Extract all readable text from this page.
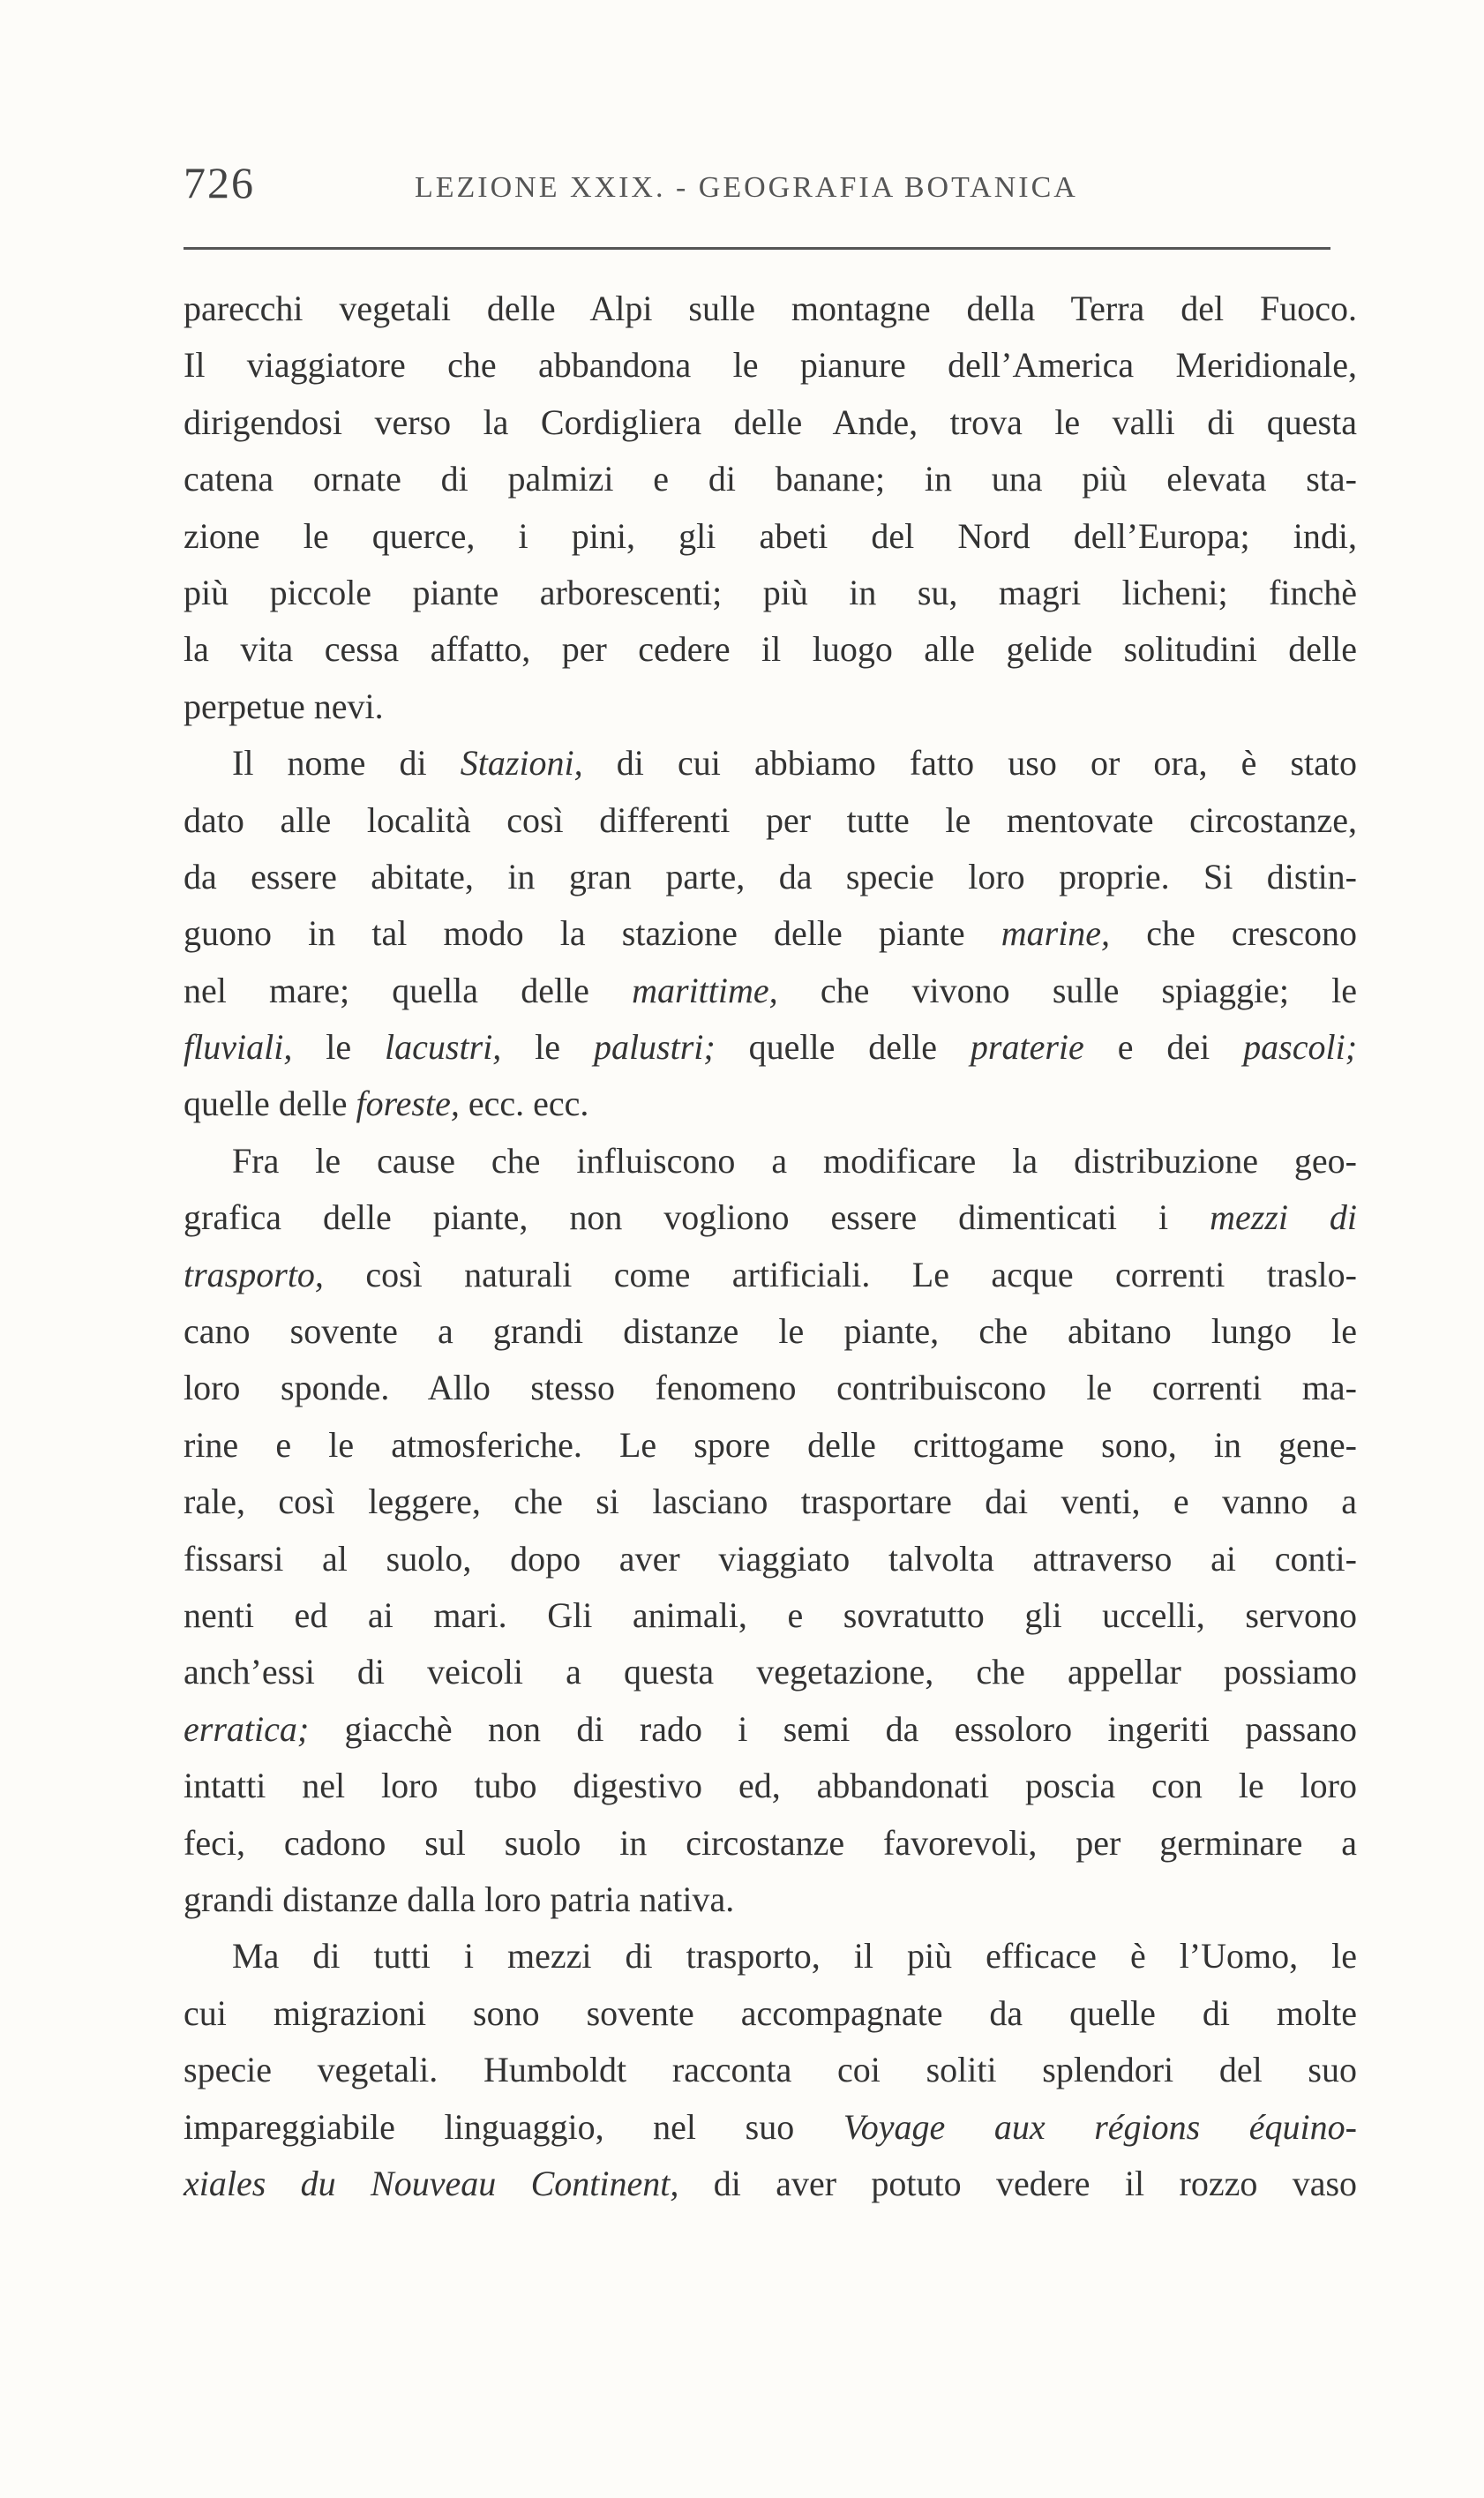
726	LEZIONE XXIX. - GEOGRAFIA BOTANICA
parecchi vegetali delle Alpi sulle montagne della Terra del Fuoco.
Il viaggiatore che abbandona le pianure dell’America Meridionale,
dirigendosi verso la Cordigliera delle Ande, trova le valli di questa
catena ornate di palmizi e di banane; in una più elevata sta-
zione le querce, i pini, gli abeti del Nord dell’Europa; indi,
più piccole piante arborescenti; più in su, magri licheni; finchè
la vita cessa affatto, per cedere il luogo alle gelide solitudini delle
perpetue nevi.
Il nome di Stazioni, di cui abbiamo fatto uso or ora, è stato
dato alle località così differenti per tutte le mentovate circostanze,
da essere abitate, in gran parte, da specie loro proprie. Si distin-
guono in tal modo la stazione delle piante marine, che crescono
nel mare; quella delle marittime, che vivono sulle spiaggie; le
fluviali, le lacustri, le palustri; quelle delle praterie e dei pascoli;
quelle delle foreste, ecc. ecc.
Fra le cause che influiscono a modificare la distribuzione geo-
grafica delle piante, non vogliono essere dimenticati i mezzi di
trasporto, così naturali come artificiali. Le acque correnti traslo-
cano sovente a grandi distanze le piante, che abitano lungo le
loro sponde. Allo stesso fenomeno contribuiscono le correnti ma-
rine e le atmosferiche. Le spore delle crittogame sono, in gene-
rale, così leggere, che si lasciano trasportare dai venti, e vanno a
fissarsi al suolo, dopo aver viaggiato talvolta attraverso ai conti-
nenti ed ai mari. Gli animali, e sovratutto gli uccelli, servono
anch’essi di veicoli a questa vegetazione, che appellar possiamo
erratica; giacchè non di rado i semi da essoloro ingeriti passano
intatti nel loro tubo digestivo ed, abbandonati poscia con le loro
feci, cadono sul suolo in circostanze favorevoli, per germinare a
grandi distanze dalla loro patria nativa.
Ma di tutti i mezzi di trasporto, il più efficace è l’Uomo, le
cui migrazioni sono sovente accompagnate da quelle di molte
specie vegetali. Humboldt racconta coi soliti splendori del suo
impareggiabile linguaggio, nel suo Voyage aux régions équino-
xiales du Nouveau Continent, di aver potuto vedere il rozzo vaso
